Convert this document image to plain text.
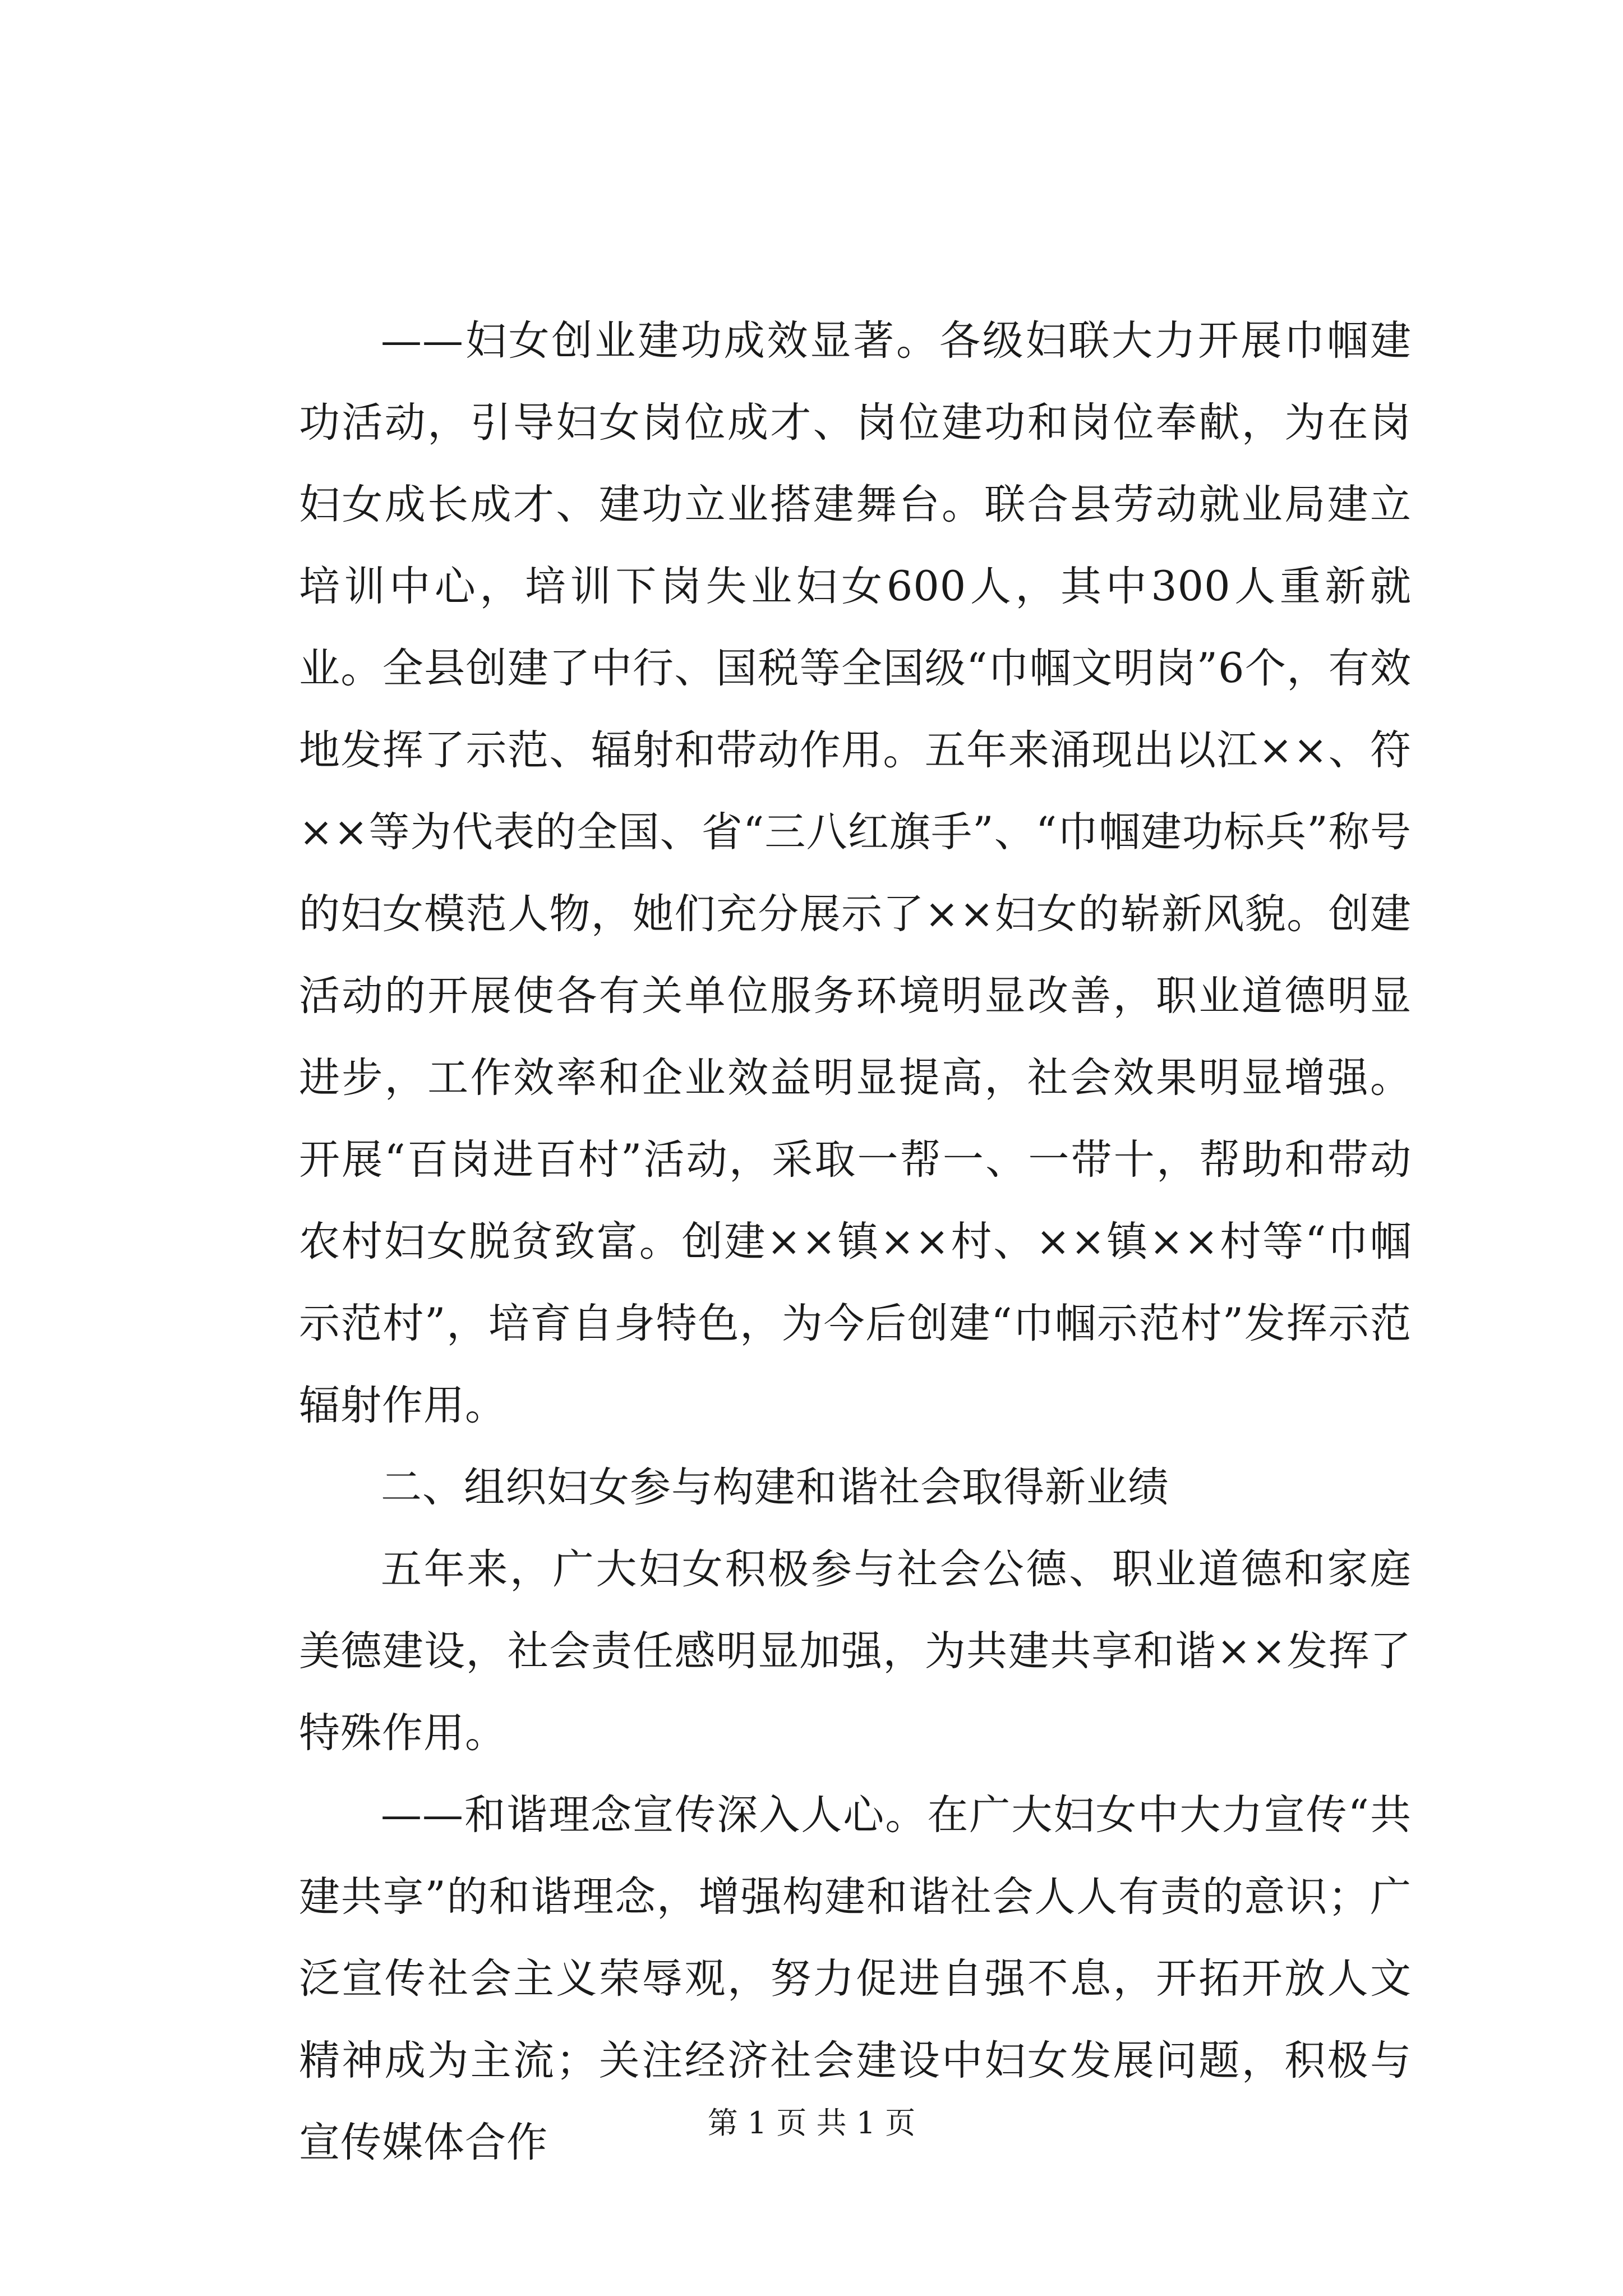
——妇女创业建功成效显著。各级妇联大力开展巾帼建功活动，引导妇女岗位成才、岗位建功和岗位奉献，为在岗妇女成长成才、建功立业搭建舞台。联合县劳动就业局建立培训中心，培训下岗失业妇女600人，其中300人重新就业。全县创建了中行、国税等全国级“巾帼文明岗”6个，有效地发挥了示范、辐射和带动作用。五年来涌现出以江××、符××等为代表的全国、省“三八红旗手”、“巾帼建功标兵”称号的妇女模范人物，她们充分展示了××妇女的崭新风貌。创建活动的开展使各有关单位服务环境明显改善，职业道德明显进步，工作效率和企业效益明显提高，社会效果明显增强。开展“百岗进百村”活动，采取一帮一、一带十，帮助和带动农村妇女脱贫致富。创建××镇××村、××镇××村等“巾帼示范村”，培育自身特色，为今后创建“巾帼示范村”发挥示范辐射作用。

二、组织妇女参与构建和谐社会取得新业绩

五年来，广大妇女积极参与社会公德、职业道德和家庭美德建设，社会责任感明显加强，为共建共享和谐××发挥了特殊作用。

——和谐理念宣传深入人心。在广大妇女中大力宣传“共建共享”的和谐理念，增强构建和谐社会人人有责的意识；广泛宣传社会主义荣辱观，努力促进自强不息，开拓开放人文精神成为主流；关注经济社会建设中妇女发展问题，积极与宣传媒体合作	第 1 页 共 1 页
